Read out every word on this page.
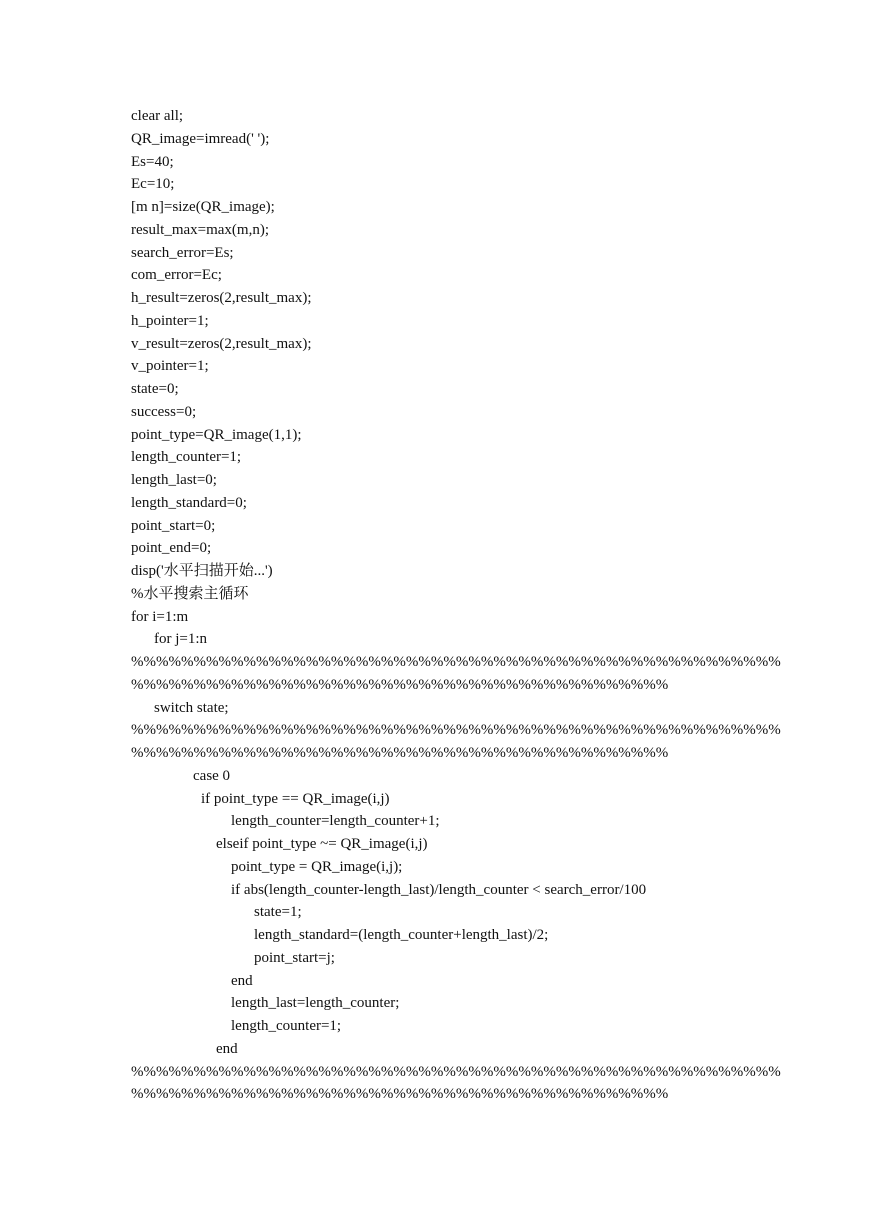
clear all;
QR_image=imread(' ');
Es=40;
Ec=10;
[m n]=size(QR_image);
result_max=max(m,n);
search_error=Es;
com_error=Ec;
h_result=zeros(2,result_max);
h_pointer=1;
v_result=zeros(2,result_max);
v_pointer=1;
state=0;
success=0;
point_type=QR_image(1,1);
length_counter=1;
length_last=0;
length_standard=0;
point_start=0;
point_end=0;
disp('水平扫描开始...')
%水平搜索主循环
for i=1:m
for j=1:n
%%%%%%%%%%%%%%%%%%%%%%%%%%%%%%%%%%%%%%%%%%%%%%%%%%%%
%%%%%%%%%%%%%%%%%%%%%%%%%%%%%%%%%%%%%%%%%%%
switch state;
%%%%%%%%%%%%%%%%%%%%%%%%%%%%%%%%%%%%%%%%%%%%%%%%%%%%
%%%%%%%%%%%%%%%%%%%%%%%%%%%%%%%%%%%%%%%%%%%
case 0
if point_type == QR_image(i,j)
length_counter=length_counter+1;
elseif point_type ~= QR_image(i,j)
point_type = QR_image(i,j);
if abs(length_counter-length_last)/length_counter < search_error/100
state=1;
length_standard=(length_counter+length_last)/2;
point_start=j;
end
length_last=length_counter;
length_counter=1;
end
%%%%%%%%%%%%%%%%%%%%%%%%%%%%%%%%%%%%%%%%%%%%%%%%%%%%
%%%%%%%%%%%%%%%%%%%%%%%%%%%%%%%%%%%%%%%%%%%
